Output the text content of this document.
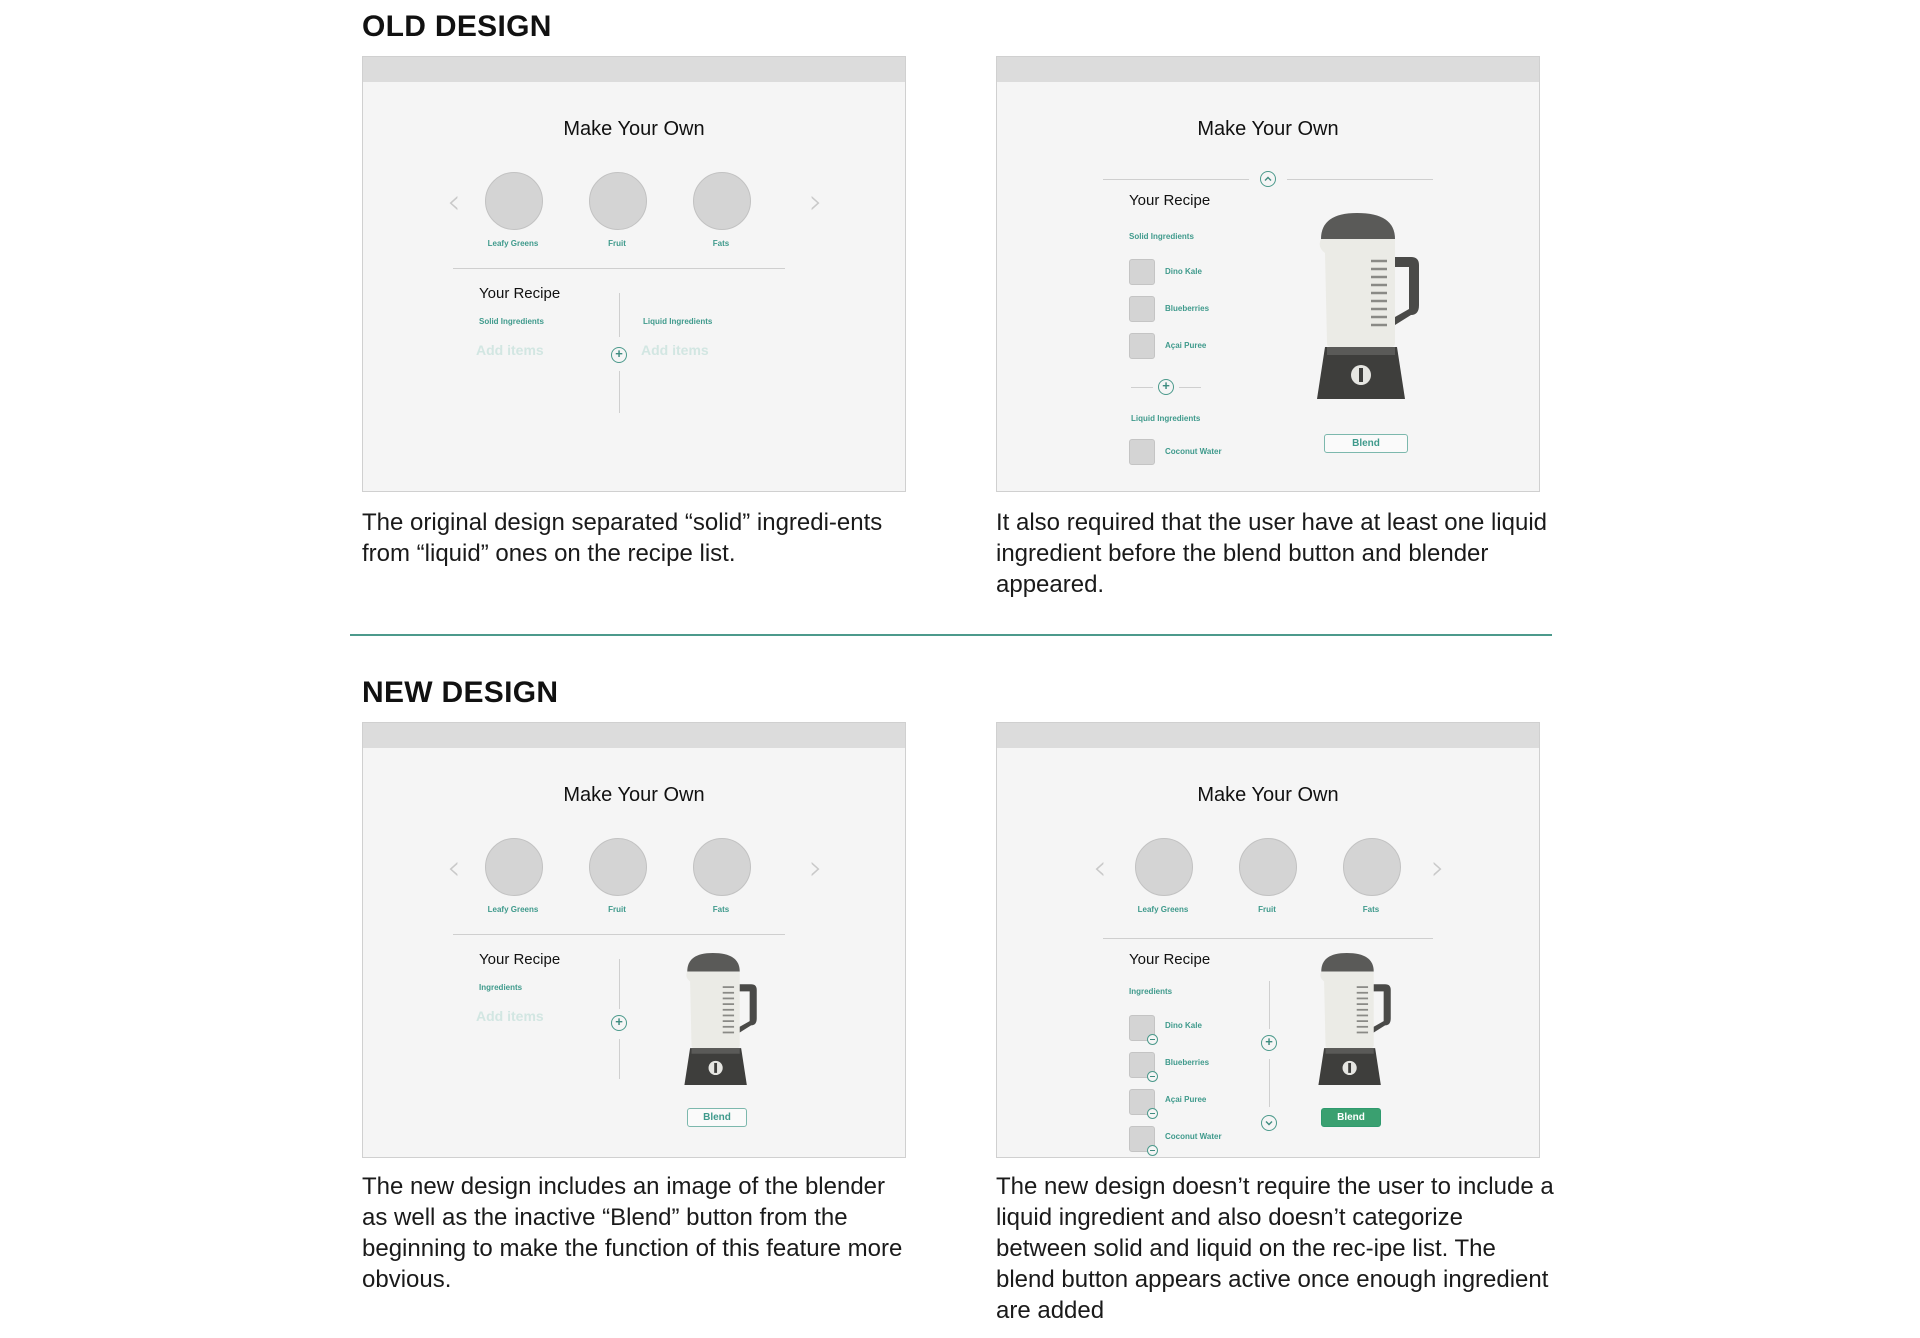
OLD DESIGN
Make Your Own
‹	›
Leafy Greens	Fruit	Fats
Your Recipe
Solid Ingredients	Liquid Ingredients
Add items	Add items
+
Make Your Own
Your Recipe
Solid Ingredients
Dino Kale
Blueberries
Açai Puree
+
Liquid Ingredients
Coconut Water
Blend

The original design separated “solid” ingredi-ents from “liquid” ones on the recipe list.

It also required that the user have at least one liquid ingredient before the blend button and blender appeared.

NEW DESIGN
Make Your Own
‹	›
Leafy Greens	Fruit	Fats
Your Recipe
Ingredients
Add items	+
Blend
Make Your Own
‹	›
Leafy Greens	Fruit	Fats
Your Recipe
Ingredients
Dino Kale
Blueberries
Açai Puree
Coconut Water
+
Blend

The new design includes an image of the blender as well as the inactive “Blend” button from the beginning to make the function of this feature more obvious.

The new design doesn’t require the user to include a liquid ingredient and also doesn’t categorize between solid and liquid on the rec-ipe list. The blend button appears active once enough ingredient are added
